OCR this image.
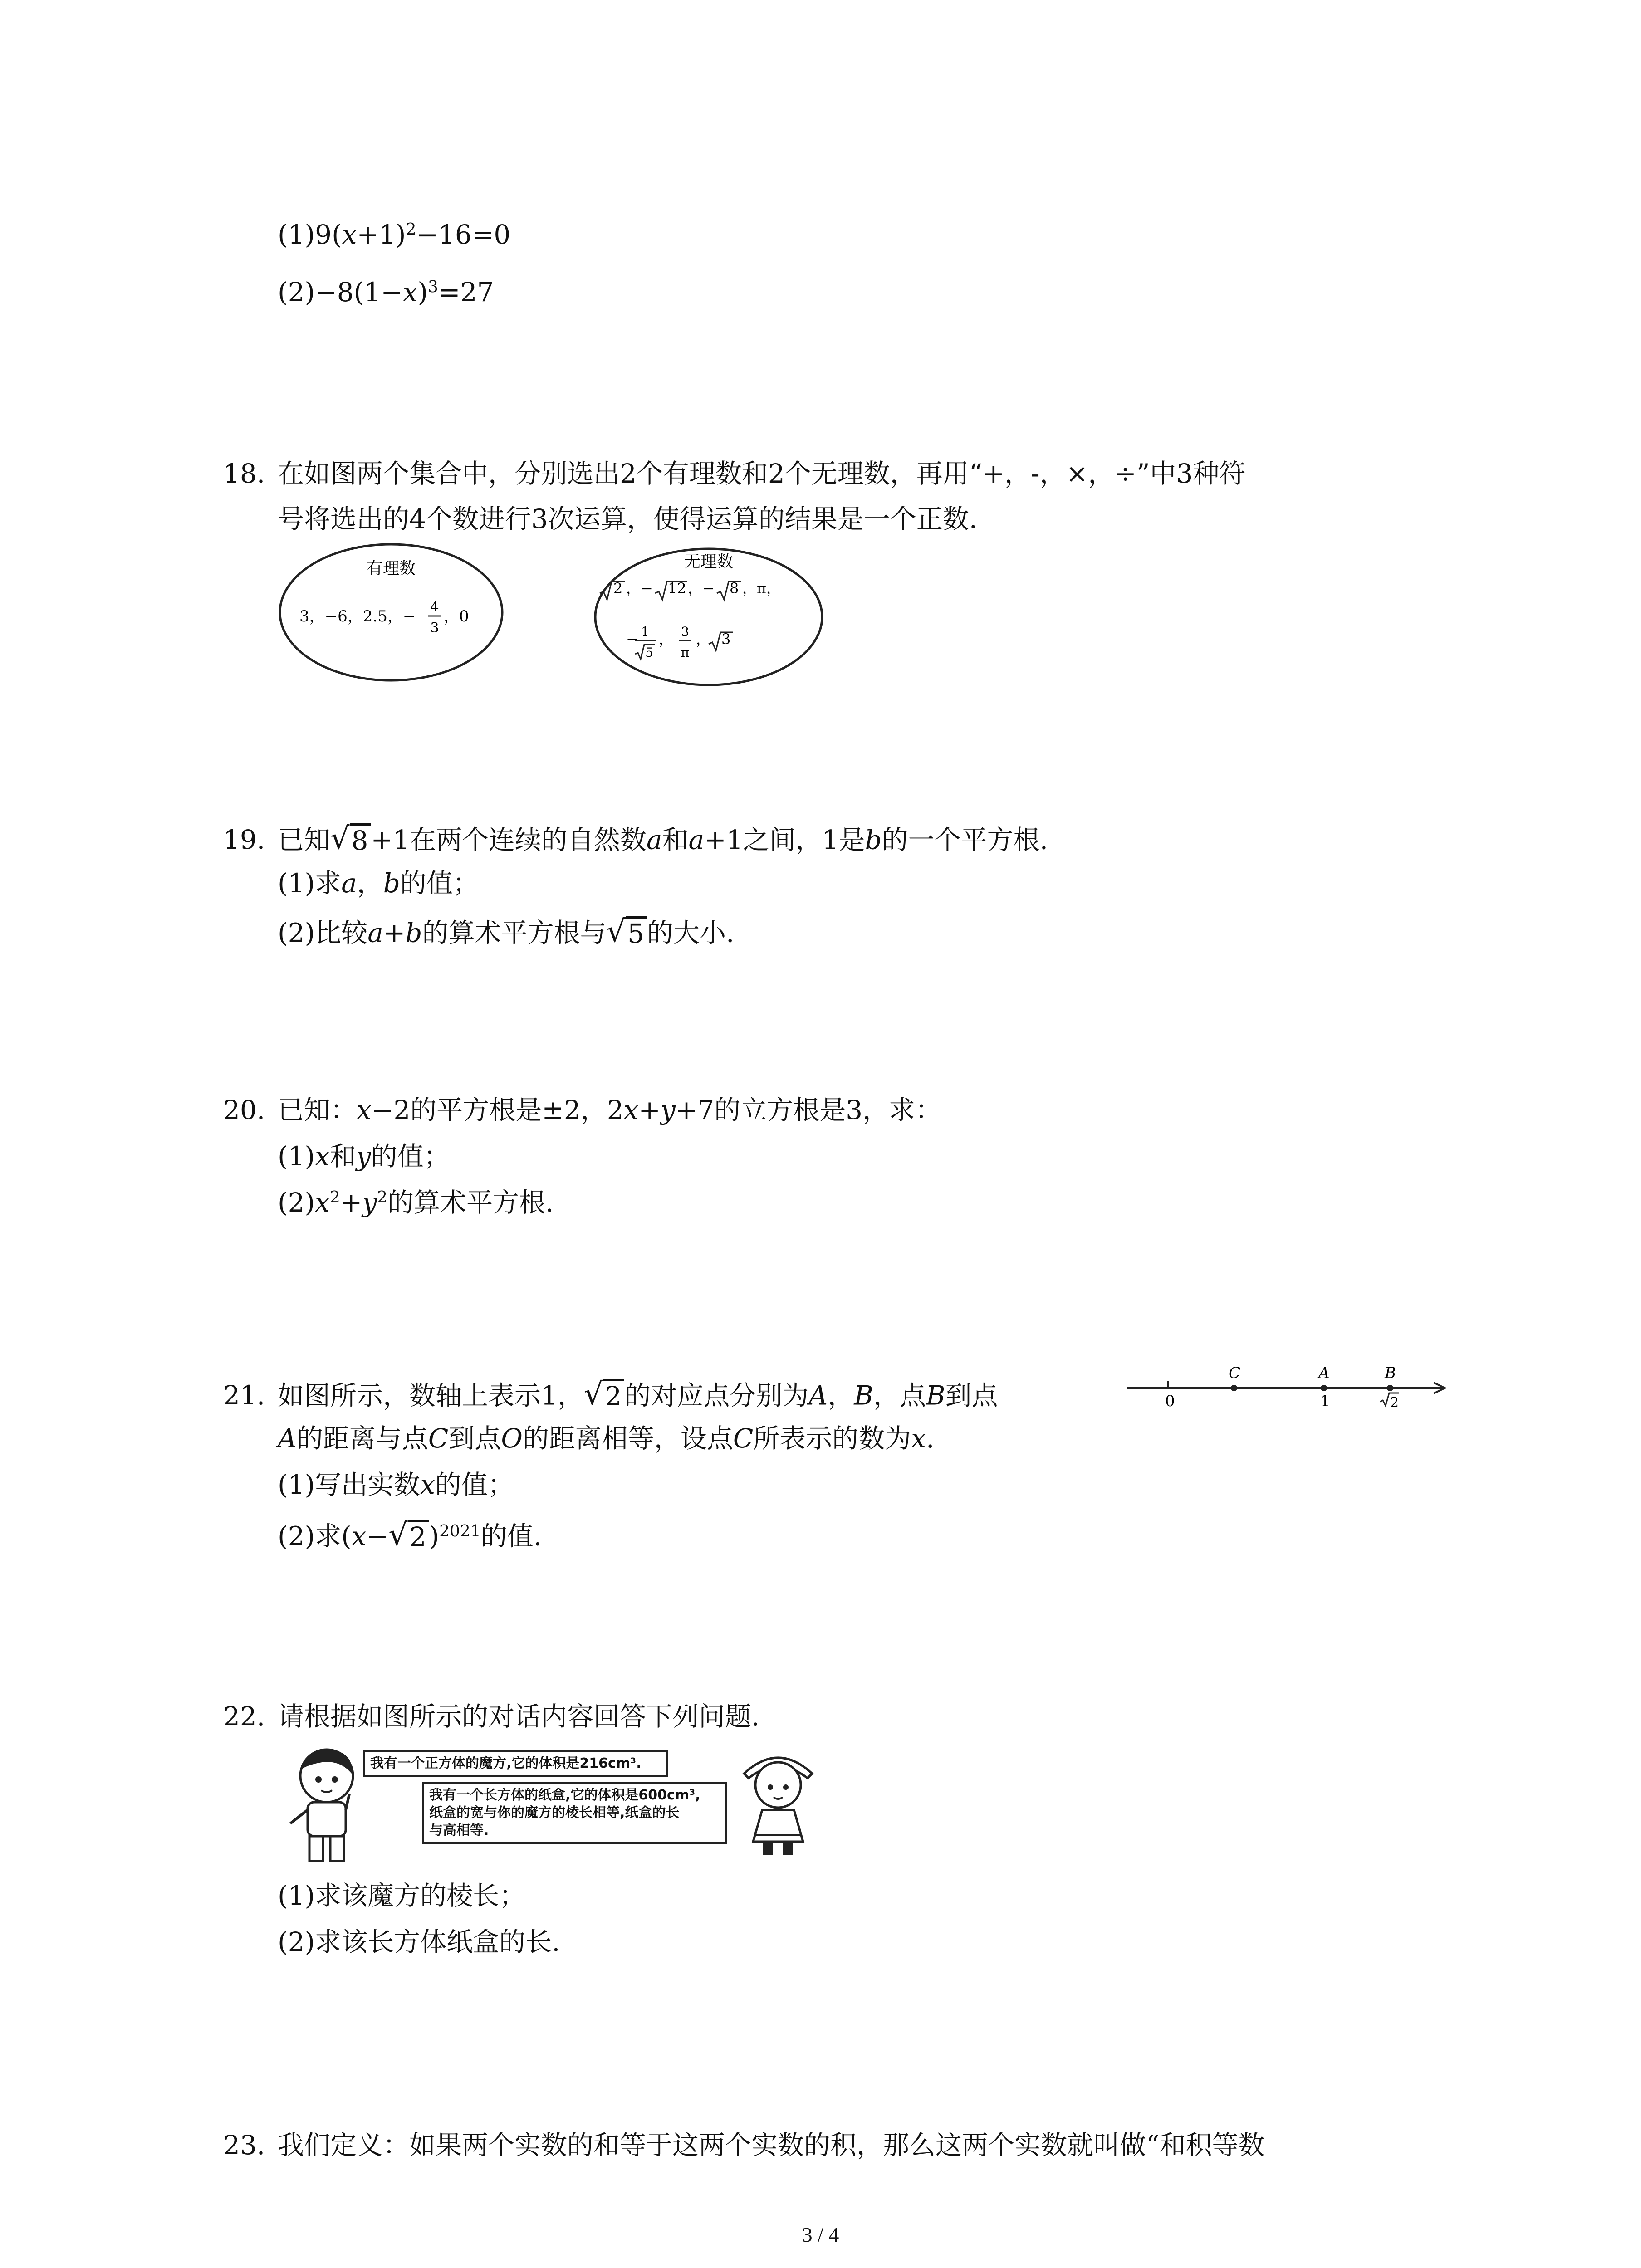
$(1)9(x+1)^2-16=0$
$(2)-8(1-x)^3=27$
18. 在如图两个集合中，分别选出2个有理数和2个无理数，再用“+，-，×，÷”中3种符
号将选出的4个数进行3次运算，使得运算的结果是一个正数.
有理数
3，−6，2.5，−
4
3
，0
无理数
2 ，− 12 ，− 8 ，π，
− 1
5
， 3
π
， 3
19. 已知 √ 8 +1在两个连续的自然数a和a+1之间，1是b的一个平方根.
(1)求a，b的值；
(2)比较a+b的算术平方根与 √ 5 的大小.
20. 已知：x−2的平方根是±2，2x+y+7的立方根是3，求：
(1)x和y的值；
$(2)x^2+y^2$的算术平方根.
21. 如图所示，数轴上表示1， √ 2 的对应点分别为A，B，点B到点
A的距离与点C到点O的距离相等，设点C所表示的数为x.
(1)写出实数x的值；
(2)求(x− √ 2 )$^{2021}$的值.
0
C	A
1
B
2
22. 请根据如图所示的对话内容回答下列问题.
我有一个正方体的魔方,它的体积是216cm³.
我有一个长方体的纸盒,它的体积是600cm³,
纸盒的宽与你的魔方的棱长相等,纸盒的长
与高相等.
(1)求该魔方的棱长；
(2)求该长方体纸盒的长.
23. 我们定义：如果两个实数的和等于这两个实数的积，那么这两个实数就叫做“和积等数
3 / 4
